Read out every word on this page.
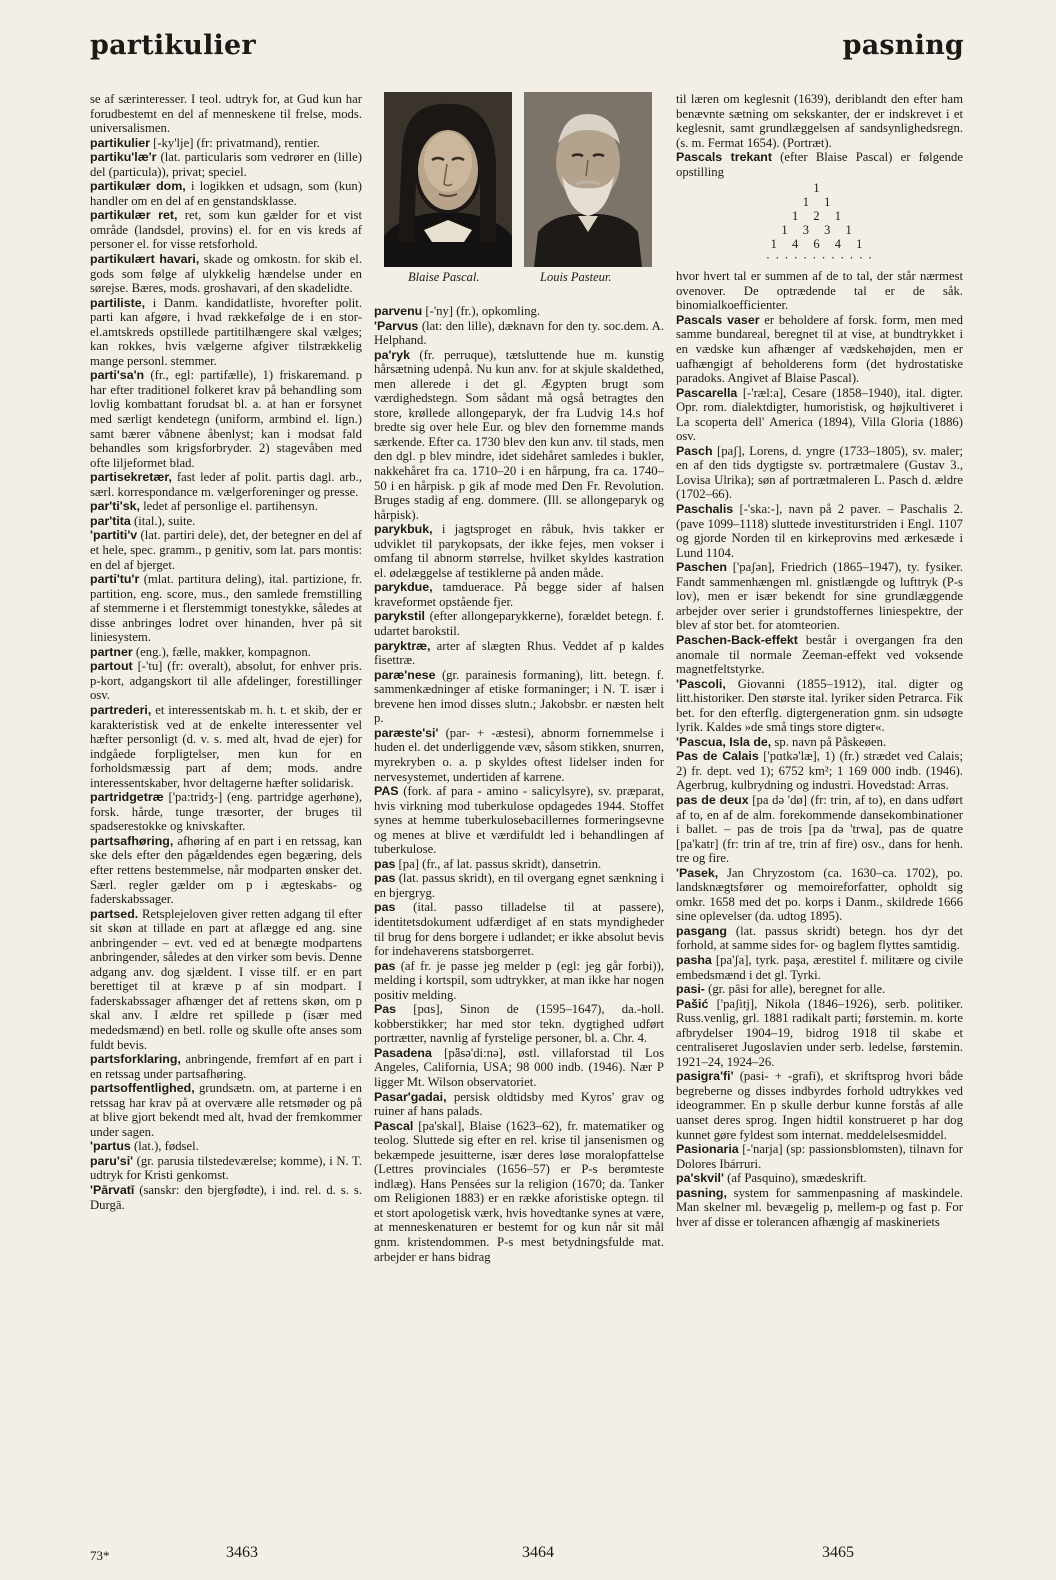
partikulier	pasning

se af særinteresser. I teol. udtryk for, at Gud kun har forudbestemt en del af menneskene til frelse, mods. universalismen.

partikulier [-ky'lje] (fr: privatmand), rentier.

partiku'læ'r (lat. particularis som vedrører en (lille) del (particula)), privat; speciel.

partikulær dom, i logikken et udsagn, som (kun) handler om en del af en genstandsklasse.

partikulær ret, ret, som kun gælder for et vist område (landsdel, provins) el. for en vis kreds af personer el. for visse retsforhold.

partikulært havari, skade og omkostn. for skib el. gods som følge af ulykkelig hændelse under en sørejse. Bæres, mods. groshavari, af den skadelidte.

partiliste, i Danm. kandidatliste, hvorefter polit. parti kan afgøre, i hvad rækkefølge de i en stor-el.amtskreds opstillede partitilhængere skal vælges; kan rokkes, hvis vælgerne afgiver tilstrækkelig mange personl. stemmer.

parti'sa'n (fr., egl: partifælle), 1) friskaremand. p har efter traditionel folkeret krav på behandling som lovlig kombattant forudsat bl. a. at han er forsynet med særligt kendetegn (uniform, armbind el. lign.) samt bærer våbnene åbenlyst; kan i modsat fald behandles som krigsforbryder. 2) stagevåben med ofte liljeformet blad.

partisekretær, fast leder af polit. partis dagl. arb., særl. korrespondance m. vælgerforeninger og presse.

par'ti'sk, ledet af personlige el. partihensyn.

par'tita (ital.), suite.

'partiti'v (lat. partiri dele), det, der betegner en del af et hele, spec. gramm., p genitiv, som lat. pars montis: en del af bjerget.

parti'tu'r (mlat. partitura deling), ital. partizione, fr. partition, eng. score, mus., den samlede fremstilling af stemmerne i et flerstemmigt tonestykke, således at disse anbringes lodret over hinanden, hver på sit liniesystem.

partner (eng.), fælle, makker, kompagnon.

partout [-'tu] (fr: overalt), absolut, for enhver pris. p-kort, adgangskort til alle afdelinger, forestillinger osv.

partrederi, et interessentskab m. h. t. et skib, der er karakteristisk ved at de enkelte interessenter vel hæfter personligt (d. v. s. med alt, hvad de ejer) for indgåede forpligtelser, men kun for en forholdsmæssig part af dem; mods. andre interessentskaber, hvor deltagerne hæfter solidarisk.

partridgetræ ['pa:tridʒ-] (eng. partridge agerhøne), forsk. hårde, tunge træsorter, der bruges til spadserestokke og knivskafter.

partsafhøring, afhøring af en part i en retssag, kan ske dels efter den pågældendes egen begæring, dels efter rettens bestemmelse, når modparten ønsker det. Særl. regler gælder om p i ægteskabs- og faderskabssager.

partsed. Retsplejeloven giver retten adgang til efter sit skøn at tillade en part at aflægge ed ang. sine anbringender – evt. ved ed at benægte modpartens anbringender, således at den virker som bevis. Denne adgang anv. dog sjældent. I visse tilf. er en part berettiget til at kræve p af sin modpart. I faderskabssager afhænger det af rettens skøn, om p skal anv. I ældre ret spillede p (især med mededsmænd) en betl. rolle og skulle ofte anses som fuldt bevis.

partsforklaring, anbringende, fremført af en part i en retssag under partsafhøring.

partsoffentlighed, grundsætn. om, at parterne i en retssag har krav på at overvære alle retsmøder og på at blive gjort bekendt med alt, hvad der fremkommer under sagen.

'partus (lat.), fødsel.

paru'si' (gr. parusia tilstedeværelse; komme), i N. T. udtryk for Kristi genkomst.

'Pārvatī (sanskr: den bjergfødte), i ind. rel. d. s. s. Durgā.

Blaise Pascal.	Louis Pasteur.

parvenu [-'ny] (fr.), opkomling.

'Parvus (lat: den lille), dæknavn for den ty. soc.dem. A. Helphand.

pa'ryk (fr. perruque), tætsluttende hue m. kunstig hårsætning udenpå. Nu kun anv. for at skjule skaldethed, men allerede i det gl. Ægypten brugt som værdighedstegn. Som sådant må også betragtes den store, krøllede allongeparyk, der fra Ludvig 14.s hof bredte sig over hele Eur. og blev den fornemme mands særkende. Efter ca. 1730 blev den kun anv. til stads, men den dgl. p blev mindre, idet sidehåret samledes i bukler, nakkehåret fra ca. 1710–20 i en hårpung, fra ca. 1740–50 i en hårpisk. p gik af mode med Den Fr. Revolution. Bruges stadig af eng. dommere. (Ill. se allongeparyk og hårpisk).

parykbuk, i jagtsproget en råbuk, hvis takker er udviklet til parykopsats, der ikke fejes, men vokser i omfang til abnorm størrelse, hvilket skyldes kastration el. ødelæggelse af testiklerne på anden måde.

parykdue, tamduerace. På begge sider af halsen kraveformet opstående fjer.

parykstil (efter allongeparykkerne), forældet betegn. f. udartet barokstil.

paryktræ, arter af slægten Rhus. Veddet af p kaldes fisettræ.

paræ'nese (gr. parainesis formaning), litt. betegn. f. sammenkædninger af etiske formaninger; i N. T. især i brevene hen imod disses slutn.; Jakobsbr. er næsten helt p.

paræste'si' (par- + -æstesi), abnorm fornemmelse i huden el. det underliggende væv, såsom stikken, snurren, myrekryben o. a. p skyldes oftest lidelser inden for nervesystemet, undertiden af karrene.

PAS (fork. af para - amino - salicylsyre), sv. præparat, hvis virkning mod tuberkulose opdagedes 1944. Stoffet synes at hemme tuberkulosebacillernes formeringsevne og menes at blive et værdifuldt led i behandlingen af tuberkulose.

pas [pa] (fr., af lat. passus skridt), dansetrin.

pas (lat. passus skridt), en til overgang egnet sænkning i en bjergryg.

pas (ital. passo tilladelse til at passere), identitetsdokument udfærdiget af en stats myndigheder til brug for dens borgere i udlandet; er ikke absolut bevis for indehaverens statsborgerret.

pas (af fr. je passe jeg melder p (egl: jeg går forbi)), melding i kortspil, som udtrykker, at man ikke har nogen positiv melding.

Pas [pɑs], Sinon de (1595–1647), da.-holl. kobberstikker; har med stor tekn. dygtighed udført portrætter, navnlig af fyrstelige personer, bl. a. Chr. 4.

Pasadena [pǟsə'di:nə], østl. villaforstad til Los Angeles, California, USA; 98 000 indb. (1946). Nær P ligger Mt. Wilson observatoriet.

Pasar'gadai, persisk oldtidsby med Kyros' grav og ruiner af hans palads.

Pascal [pa'skal], Blaise (1623–62), fr. matematiker og teolog. Sluttede sig efter en rel. krise til jansenismen og bekæmpede jesuitterne, især deres løse moralopfattelse (Lettres provinciales (1656–57) er P-s berømteste indlæg). Hans Pensées sur la religion (1670; da. Tanker om Religionen 1883) er en række aforistiske optegn. til et stort apologetisk værk, hvis hovedtanke synes at være, at menneskenaturen er bestemt for og kun når sit mål gnm. kristendommen. P-s mest betydningsfulde mat. arbejder er hans bidrag

til læren om keglesnit (1639), deriblandt den efter ham benævnte sætning om sekskanter, der er indskrevet i et keglesnit, samt grundlæggelsen af sandsynlighedsregn. (s. m. Fermat 1654). (Portræt).

Pascals trekant (efter Blaise Pascal) er følgende opstilling

1
1 1
1 2 1
1 3 3 1
1 4 6 4 1
· · · · · · · · · · · ·

hvor hvert tal er summen af de to tal, der står nærmest ovenover. De optrædende tal er de såk. binomialkoefficienter.

Pascals vaser er beholdere af forsk. form, men med samme bundareal, beregnet til at vise, at bundtrykket i en vædske kun afhænger af vædskehøjden, men er uafhængigt af beholderens form (det hydrostatiske paradoks. Angivet af Blaise Pascal).

Pascarella [-'ræl:a], Cesare (1858–1940), ital. digter. Opr. rom. dialektdigter, humoristisk, og højkultiveret i La scoperta dell' America (1894), Villa Gloria (1886) osv.

Pasch [paʃ], Lorens, d. yngre (1733–1805), sv. maler; en af den tids dygtigste sv. portrætmalere (Gustav 3., Lovisa Ulrika); søn af portrætmaleren L. Pasch d. ældre (1702–66).

Paschalis [-'ska:-], navn på 2 paver. – Paschalis 2. (pave 1099–1118) sluttede investiturstriden i Engl. 1107 og gjorde Norden til en kirkeprovins med ærkesæde i Lund 1104.

Paschen ['paʃən], Friedrich (1865–1947), ty. fysiker. Fandt sammenhængen ml. gnistlængde og lufttryk (P-s lov), men er især bekendt for sine grundlæggende arbejder over serier i grundstoffernes liniespektre, der blev af stor bet. for atomteorien.

Paschen-Back-effekt består i overgangen fra den anomale til normale Zeeman-effekt ved voksende magnetfeltstyrke.

'Pascoli, Giovanni (1855–1912), ital. digter og litt.historiker. Den største ital. lyriker siden Petrarca. Fik bet. for den efterflg. digtergeneration gnm. sin udsøgte lyrik. Kaldes »de små tings store digter«.

'Pascua, Isla de, sp. navn på Påskeøen.

Pas de Calais ['pɑtkə'læ], 1) (fr.) strædet ved Calais; 2) fr. dept. ved 1); 6752 km²; 1 169 000 indb. (1946). Agerbrug, kulbrydning og industri. Hovedstad: Arras.

pas de deux [pa də 'dø] (fr: trin, af to), en dans udført af to, en af de alm. forekommende dansekombinationer i ballet. – pas de trois [pa də 'trwa], pas de quatre [pa'katr] (fr: trin af tre, trin af fire) osv., dans for henh. tre og fire.

'Pasek, Jan Chryzostom (ca. 1630–ca. 1702), po. landsknægtsfører og memoireforfatter, opholdt sig omkr. 1658 med det po. korps i Danm., skildrede 1666 sine oplevelser (da. udtog 1895).

pasgang (lat. passus skridt) betegn. hos dyr det forhold, at samme sides for- og baglem flyttes samtidig.

pasha [pa'ʃa], tyrk. paşa, ærestitel f. militære og civile embedsmænd i det gl. Tyrki.

pasi- (gr. pâsi for alle), beregnet for alle.

Pašić ['paʃitj], Nikola (1846–1926), serb. politiker. Russ.venlig, grl. 1881 radikalt parti; førstemin. m. korte afbrydelser 1904–19, bidrog 1918 til skabe et centraliseret Jugoslavien under serb. ledelse, førstemin. 1921–24, 1924–26.

pasigra'fi' (pasi- + -grafi), et skriftsprog hvori både begreberne og disses indbyrdes forhold udtrykkes ved ideogrammer. En p skulle derbur kunne forstås af alle uanset deres sprog. Ingen hidtil konstrueret p har dog kunnet gøre fyldest som internat. meddelelsesmiddel.

Pasionaria [-'narja] (sp: passionsblomsten), tilnavn for Dolores Ibárruri.

pa'skvil' (af Pasquino), smædeskrift.

pasning, system for sammenpasning af maskindele. Man skelner ml. bevægelig p, mellem-p og fast p. For hver af disse er tolerancen afhængig af maskineriets

73*	3463	3464	3465
